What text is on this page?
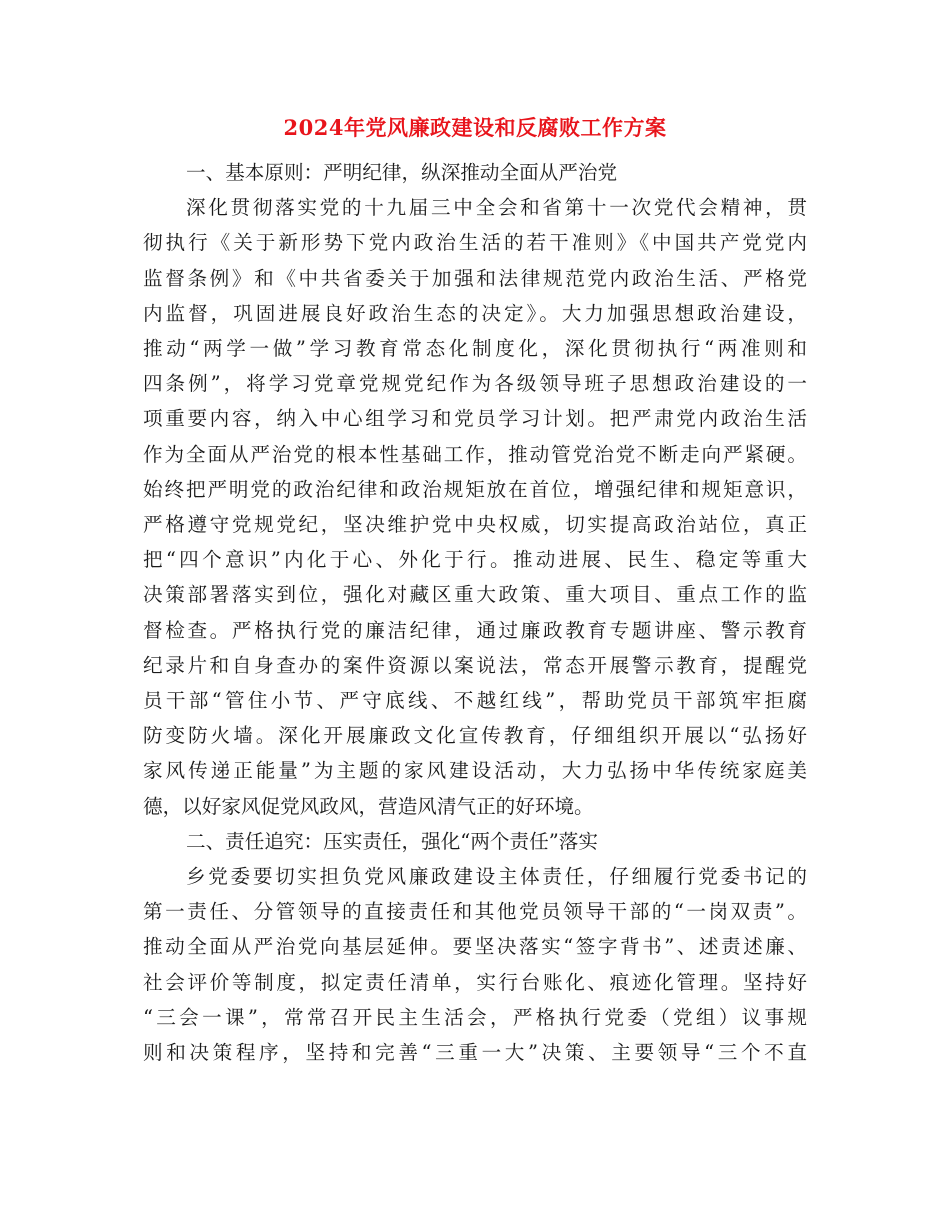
2024年党风廉政建设和反腐败工作方案

一、基本原则：严明纪律，纵深推动全面从严治党

深化贯彻落实党的十九届三中全会和省第十一次党代会精神，贯

彻执行《关于新形势下党内政治生活的若干准则》《中国共产党党内

监督条例》和《中共省委关于加强和法律规范党内政治生活、严格党

内监督，巩固进展良好政治生态的决定》。大力加强思想政治建设，

推动“两学一做”学习教育常态化制度化，深化贯彻执行“两准则和

四条例”，将学习党章党规党纪作为各级领导班子思想政治建设的一

项重要内容，纳入中心组学习和党员学习计划。把严肃党内政治生活

作为全面从严治党的根本性基础工作，推动管党治党不断走向严紧硬。

始终把严明党的政治纪律和政治规矩放在首位，增强纪律和规矩意识，

严格遵守党规党纪，坚决维护党中央权威，切实提高政治站位，真正

把“四个意识”内化于心、外化于行。推动进展、民生、稳定等重大

决策部署落实到位，强化对藏区重大政策、重大项目、重点工作的监

督检查。严格执行党的廉洁纪律，通过廉政教育专题讲座、警示教育

纪录片和自身查办的案件资源以案说法，常态开展警示教育，提醒党

员干部“管住小节、严守底线、不越红线”，帮助党员干部筑牢拒腐

防变防火墙。深化开展廉政文化宣传教育，仔细组织开展以“弘扬好

家风传递正能量”为主题的家风建设活动，大力弘扬中华传统家庭美

德，以好家风促党风政风，营造风清气正的好环境。

二、责任追究：压实责任，强化“两个责任”落实

乡党委要切实担负党风廉政建设主体责任，仔细履行党委书记的

第一责任、分管领导的直接责任和其他党员领导干部的“一岗双责”。

推动全面从严治党向基层延伸。要坚决落实“签字背书”、述责述廉、

社会评价等制度，拟定责任清单，实行台账化、痕迹化管理。坚持好

“三会一课”，常常召开民主生活会，严格执行党委（党组）议事规

则和决策程序，坚持和完善“三重一大”决策、主要领导“三个不直
